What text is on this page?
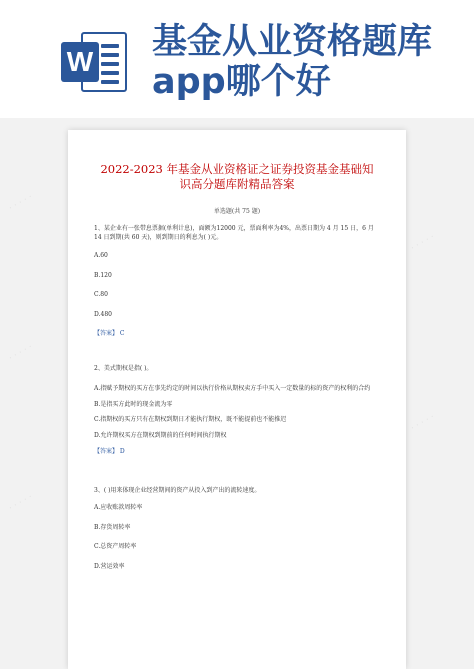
W 基金从业资格题库
app哪个好
· · · · ·
· · · · ·
· · · · ·
· · · · ·
· · · · ·
2022-2023 年基金从业资格证之证券投资基金基础知识高分题库附精品答案
单选题(共 75 题)
1、某企业有一张带息票据(单利计息)，面额为12000 元，票面利率为4%，出票日期为 4 月 15 日，6 月 14 日到期(共 60 天)，则到期日的利息为( )元。
A.60
B.120
C.80
D.480
【答案】 C
2、美式期权是指( )。
A.指赋予期权的买方在事先约定的时间以执行价格从期权卖方手中买入一定数量的标的资产的权利的合约
B.是指买方此时的现金流为零
C.指期权的买方只有在期权到期日才能执行期权，既不能提前也不能推迟
D.允许期权买方在期权到期前的任何时间执行期权
【答案】 D
3、( )用来体现企业经营期间的资产从投入到产出的流转速度。
A.应收账款周转率
B.存货周转率
C.总资产周转率
D.营运效率
